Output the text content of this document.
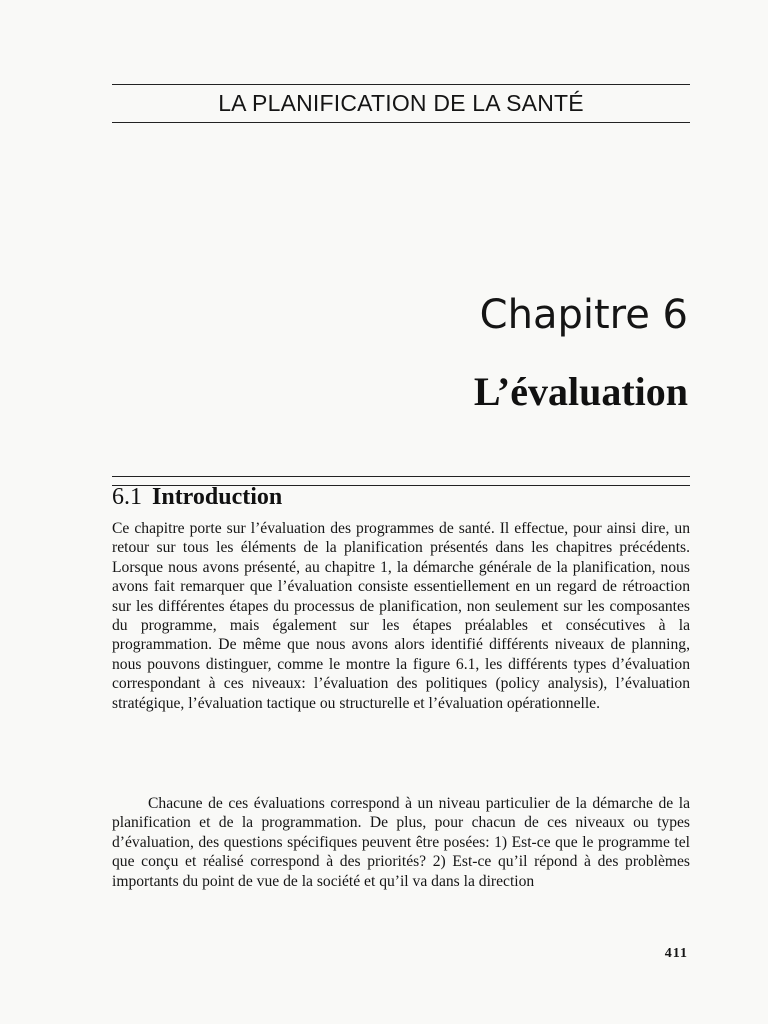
LA PLANIFICATION DE LA SANTÉ
Chapitre 6
L’évaluation
6.1 Introduction

Ce chapitre porte sur l’évaluation des programmes de santé. Il effectue, pour ainsi dire, un retour sur tous les éléments de la planification présentés dans les chapitres précédents. Lorsque nous avons présenté, au chapitre 1, la démarche générale de la planification, nous avons fait remarquer que l’évaluation consiste essentiellement en un regard de rétroaction sur les différentes étapes du processus de planification, non seulement sur les composantes du programme, mais également sur les étapes préalables et consécutives à la programmation. De même que nous avons alors identifié différents niveaux de planning, nous pouvons distinguer, comme le montre la figure 6.1, les différents types d’évaluation correspondant à ces niveaux: l’évaluation des politiques (policy analysis), l’évaluation stratégique, l’évaluation tactique ou structurelle et l’évaluation opérationnelle.

Chacune de ces évaluations correspond à un niveau particulier de la démarche de la planification et de la programmation. De plus, pour chacun de ces niveaux ou types d’évaluation, des questions spécifiques peuvent être posées: 1) Est-ce que le programme tel que conçu et réalisé correspond à des priorités? 2) Est-ce qu’il répond à des problèmes importants du point de vue de la société et qu’il va dans la direction

411
